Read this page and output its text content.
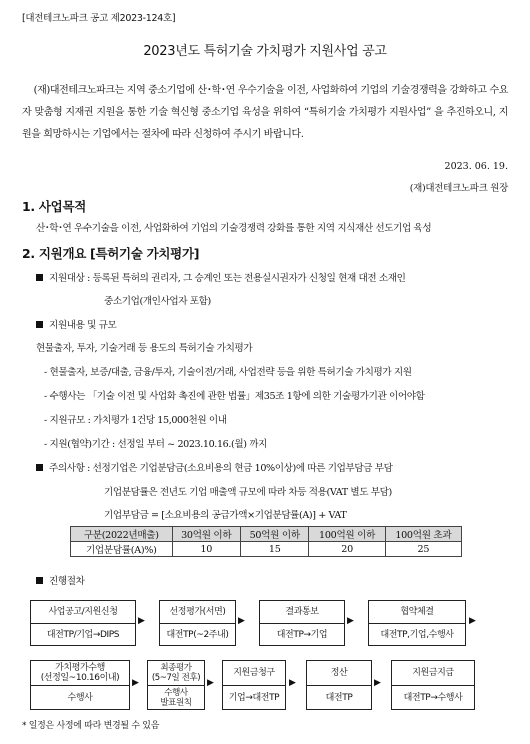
[대전테크노파크 공고 제2023-124호]
2023년도 특허기술 가치평가 지원사업 공고
(재)대전테크노파크는 지역 중소기업에 산･학･연 우수기술을 이전, 사업화하여 기업의 기술경쟁력을 강화하고 수요자 맞춤형 지재권 지원을 통한 기술 혁신형 중소기업 육성을 위하여 “특허기술 가치평가 지원사업” 을 추진하오니, 지원을 희망하시는 기업에서는 절차에 따라 신청하여 주시기 바랍니다.
2023. 06. 19.
(재)대전테크노파크 원장
1. 사업목적
산･학･연 우수기술을 이전, 사업화하여 기업의 기술경쟁력 강화를 통한 지역 지식재산 선도기업 육성
2. 지원개요 [특허기술 가치평가]
지원대상 : 등록된 특허의 권리자, 그 승계인 또는 전용실시권자가 신청일 현재 대전 소재인
중소기업(개인사업자 포함)
지원내용 및 규모
현물출자, 투자, 기술거래 등 용도의 특허기술 가치평가
- 현물출자, 보증/대출, 금융/투자, 기술이전/거래, 사업전략 등을 위한 특허기술 가치평가 지원
- 수행사는 「기술 이전 및 사업화 촉진에 관한 법률」제35조 1항에 의한 기술평가기관 이어야함
- 지원규모 : 가치평가 1건당 15,000천원 이내
- 지원(협약)기간 : 선정일 부터 ~ 2023.10.16.(월) 까지
주의사항 : 선정기업은 기업분담금(소요비용의 현금 10%이상)에 따른 기업부담금 부담
기업분담률은 전년도 기업 매출액 규모에 따라 차등 적용(VAT 별도 부담)
기업부담금 = [소요비용의 공급가액×기업분담률(A)] + VAT
구분(2022년매출)	30억원 이하	50억원 이하	100억원 이하	100억원 초과
기업분담률(A)%)	10	15	20	25
진행절차
사업공고/지원신청
대전TP/기업→DIPS
▶
선정평가(서면)
대전TP(~2주내)
▶
결과통보
대전TP→기업
▶
협약체결
대전TP,기업,수행사
▶
가치평가수행
(선정일~10.16이내)
수행사
▶
최종평가
(5~7일 전후)
수행사
발표원칙
▶
지원금청구
기업→대전TP
▶
정산
대전TP
▶
지원금지급
대전TP→수행사
* 일정은 사정에 따라 변경될 수 있음
